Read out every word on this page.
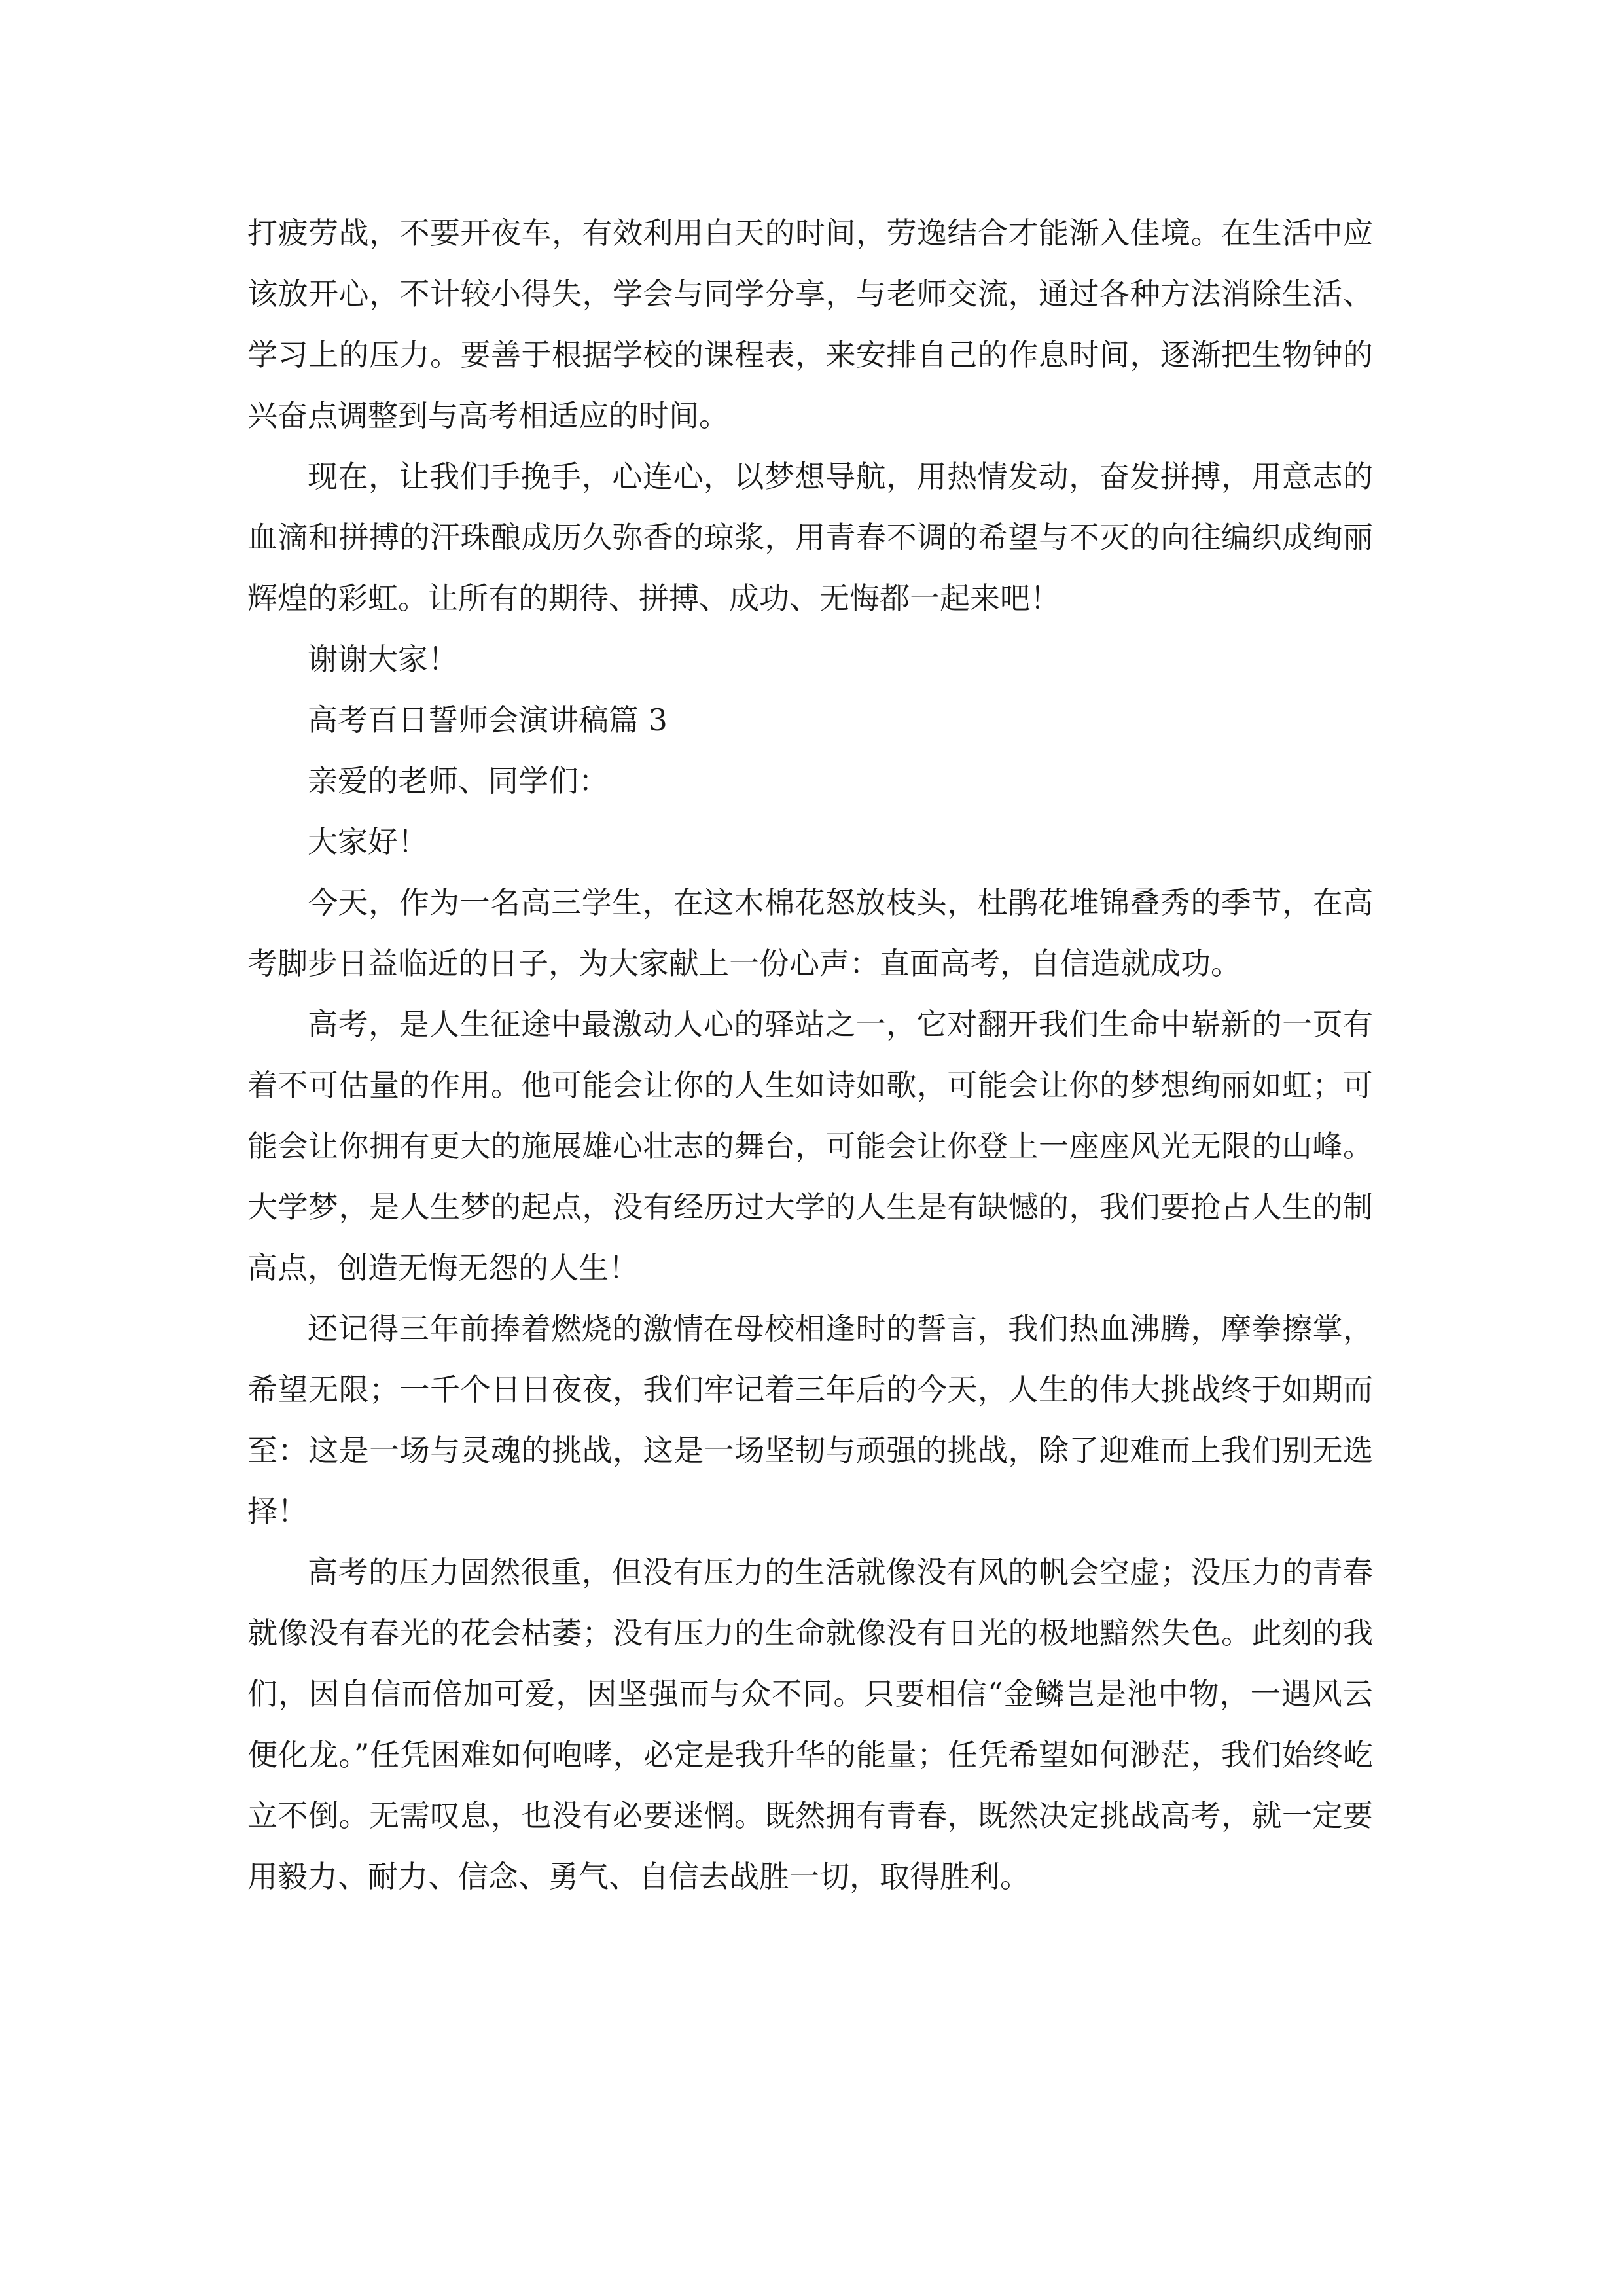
打疲劳战，不要开夜车，有效利用白天的时间，劳逸结合才能渐入佳境。在生活中应该放开心，不计较小得失，学会与同学分享，与老师交流，通过各种方法消除生活、学习上的压力。要善于根据学校的课程表，来安排自己的作息时间，逐渐把生物钟的兴奋点调整到与高考相适应的时间。

现在，让我们手挽手，心连心，以梦想导航，用热情发动，奋发拼搏，用意志的血滴和拼搏的汗珠酿成历久弥香的琼浆，用青春不调的希望与不灭的向往编织成绚丽辉煌的彩虹。让所有的期待、拼搏、成功、无悔都一起来吧！

谢谢大家！

高考百日誓师会演讲稿篇 3

亲爱的老师、同学们：

大家好！

今天，作为一名高三学生，在这木棉花怒放枝头，杜鹃花堆锦叠秀的季节，在高考脚步日益临近的日子，为大家献上一份心声：直面高考，自信造就成功。

高考，是人生征途中最激动人心的驿站之一，它对翻开我们生命中崭新的一页有着不可估量的作用。他可能会让你的人生如诗如歌，可能会让你的梦想绚丽如虹；可能会让你拥有更大的施展雄心壮志的舞台，可能会让你登上一座座风光无限的山峰。大学梦，是人生梦的起点，没有经历过大学的人生是有缺憾的，我们要抢占人生的制高点，创造无悔无怨的人生！

还记得三年前捧着燃烧的激情在母校相逢时的誓言，我们热血沸腾，摩拳擦掌，希望无限；一千个日日夜夜，我们牢记着三年后的今天，人生的伟大挑战终于如期而至：这是一场与灵魂的挑战，这是一场坚韧与顽强的挑战，除了迎难而上我们别无选择！

高考的压力固然很重，但没有压力的生活就像没有风的帆会空虚；没压力的青春就像没有春光的花会枯萎；没有压力的生命就像没有日光的极地黯然失色。此刻的我们，因自信而倍加可爱，因坚强而与众不同。只要相信“金鳞岂是池中物，一遇风云便化龙。”任凭困难如何咆哮，必定是我升华的能量；任凭希望如何渺茫，我们始终屹立不倒。无需叹息，也没有必要迷惘。既然拥有青春，既然决定挑战高考，就一定要用毅力、耐力、信念、勇气、自信去战胜一切，取得胜利。
